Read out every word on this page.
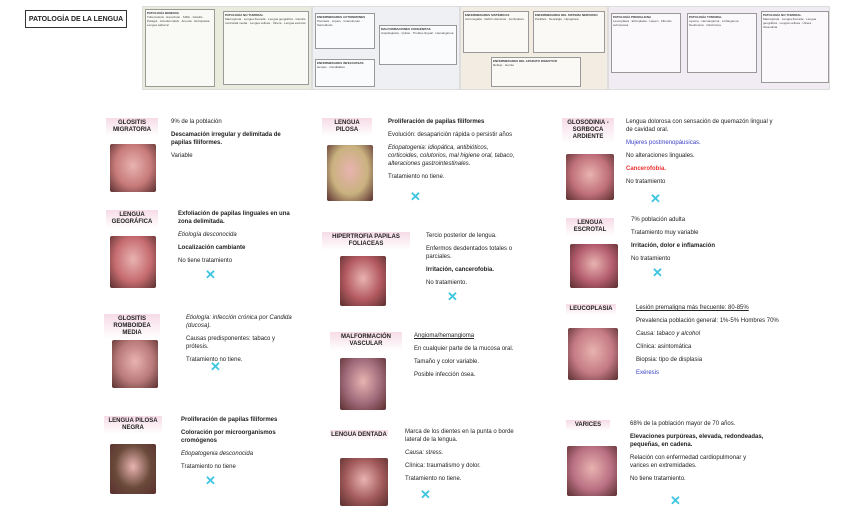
PATOLOGÍA DE LA LENGUA
PATOLOGÍA BENIGNA
Tuberculosis · Escorbuto · Sífilis · Glositis · Pelagra · Acrodermatitis · Anemia · Eritroplasia · Lengua saburral
PATOLOGÍA NO TUMORAL
Macroglosia · Lengua fisurada · Lengua geográfica · Glositis romboidal media · Lengua vellosa · Úlcera · Lengua escrotal
ENFERMEDADES AUTOINMUNES
Psoriasis · Liquen · Granulomas · Sarcoidosis
MALFORMACIONES CONGÉNITAS
Anquiloglosia · Quiste · Tiroides lingual · Hemangioma
ENFERMEDADES INFECCIOSAS
Herpes · Candidiasis
ENFERMEDADES SISTÉMICAS
Acromegalia · Déficit vitaminas · Amiloidosis
ENFERMEDADES DEL SISTEMA NERVIOSO
Parálisis · Neuralgia · Hipoglosia
ENFERMEDADES DEL APARATO DIGESTIVO
Reflujo · Hernia
PATOLOGÍA PREMALIGNA
Leucoplasia · Eritroplasia · Liquen · Fibrosis submucosa
PATOLOGÍA TUMORAL
Lipoma · Hemangioma · Linfangioma · Neurinoma · Carcinoma
PATOLOGÍA NO TUMORAL
Macroglosia · Lengua fisurada · Lengua geográfica · Lengua vellosa · Úlcera · Glosodinia
GLOSITIS MIGRATORIA

9% de la población

Descamación irregular y delimitada de papilas filiformes.

Variable

LENGUA GEOGRÁFICA

Exfoliación de papilas linguales en una zona delimitada.

Etiología desconocida

Localización cambiante

No tiene tratamiento

✕
GLOSITIS ROMBOIDEA MEDIA

Etiología: infección crónica por Candida (ducosa).

Causas predisponentes: tabaco y prótesis.

Tratamiento no tiene.

✕
LENGUA PILOSA NEGRA

Proliferación de papilas filiformes

Coloración por microorganismos cromógenos

Etiopatogenia desconocida

Tratamiento no tiene

✕
LENGUA PILOSA

Proliferación de papilas filiformes

Evolución: desaparición rápida o persistir años

Etiopatogenia: idiopática, antibióticos, corticoides, colutorios, mal higiene oral, tabaco, alteraciones gastrointestinales.

Tratamiento no tiene.

✕
HIPERTROFIA PAPILAS FOLIACEAS

Tercio posterior de lengua.

Enfermos desdentados totales o parciales.

Irritación, cancerofobia.

No tratamiento.

✕
MALFORMACIÓN VASCULAR

Angioma/hemangioma

En cualquier parte de la mucosa oral.

Tamaño y color variable.

Posible infección ósea.

LENGUA DENTADA	Marca de los dientes en la punta o borde lateral de la lengua.

Causa: stress.

Clínica: traumatismo y dolor.

Tratamiento no tiene.

✕
GLOSODINIA - SGRBOCA ARDIENTE

Lengua dolorosa con sensación de quemazón lingual y de cavidad oral.

Mujeres postmenopáusicas.

No alteraciones linguales.

Cancerofobia.

No tratamiento

✕
LENGUA ESCROTAL

7% población adulta

Tratamiento muy variable

Irritación, dolor e inflamación

No tratamiento

✕
LEUCOPLASIA	Lesión premaligna más frecuente: 80-85%

Prevalencia población general: 1%-5% Hombres 70%

Causa: tabaco y alcohol

Clínica: asintomática

Biopsia: tipo de displasia

Exéresis

VARICES	68% de la población mayor de 70 años.

Elevaciones purpúreas, elevada, redondeadas, pequeñas, en cadena.

Relación con enfermedad cardiopulmonar y varices en extremidades.

No tiene tratamiento.

✕
